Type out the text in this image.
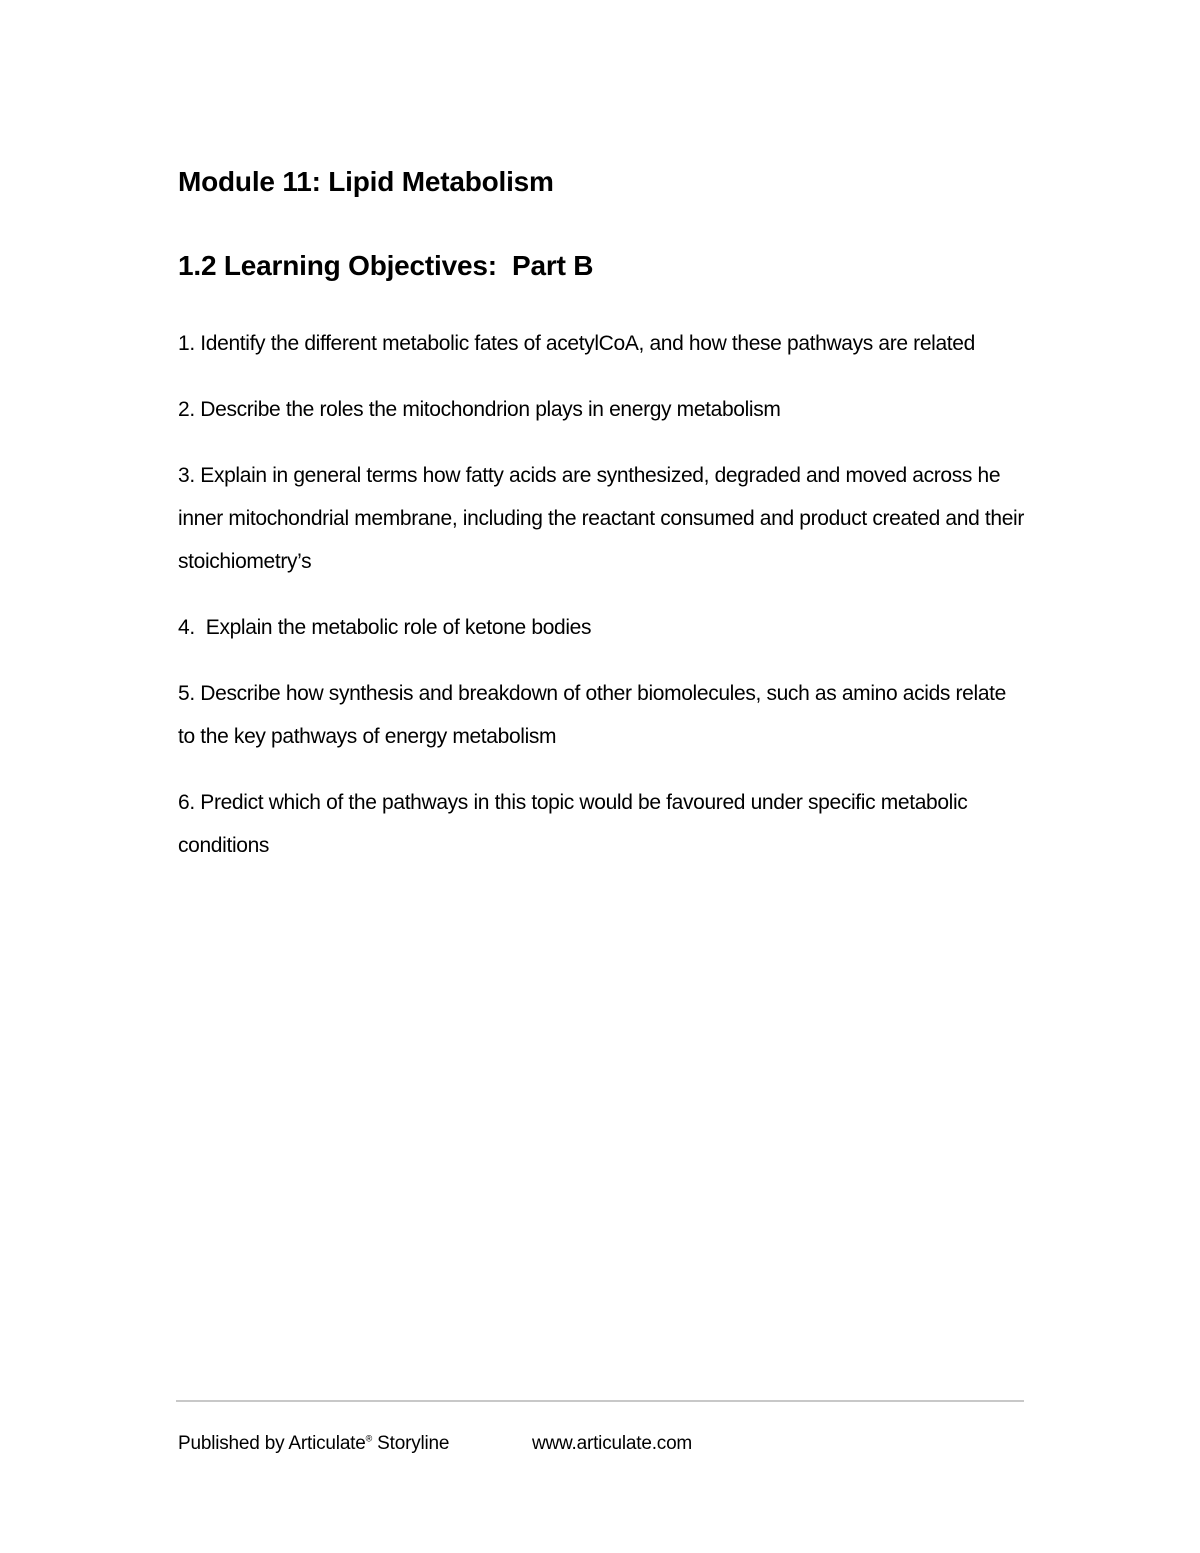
Module 11: Lipid Metabolism
1.2 Learning Objectives:  Part B
1. Identify the different metabolic fates of acetylCoA, and how these pathways are related
2. Describe the roles the mitochondrion plays in energy metabolism
3. Explain in general terms how fatty acids are synthesized, degraded and moved across he inner mitochondrial membrane, including the reactant consumed and product created and their stoichiometry’s
4.  Explain the metabolic role of ketone bodies
5. Describe how synthesis and breakdown of other biomolecules, such as amino acids relate to the key pathways of energy metabolism
6. Predict which of the pathways in this topic would be favoured under specific metabolic conditions
Published by Articulate® Storyline	www.articulate.com
